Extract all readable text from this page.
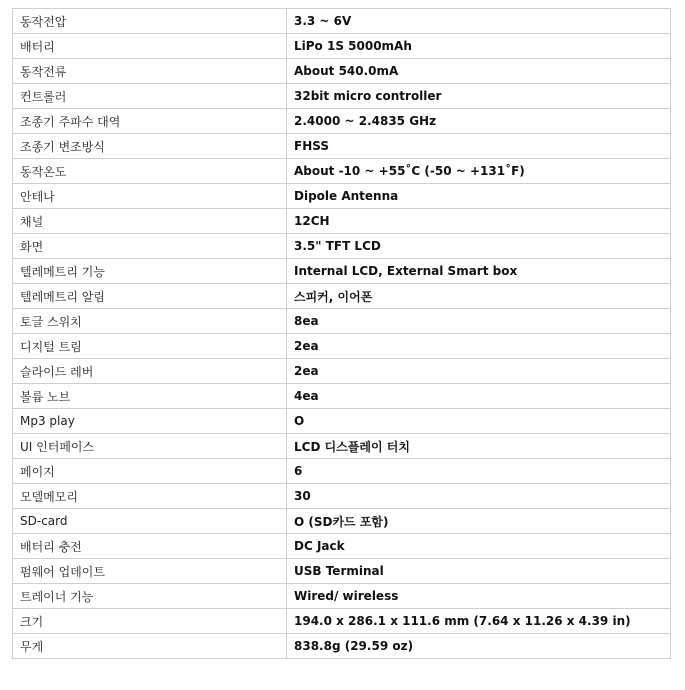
동작전압	3.3 ~ 6V
배터리	LiPo 1S 5000mAh
동작전류	About 540.0mA
컨트롤러	32bit micro controller
조종기 주파수 대역	2.4000 ~ 2.4835 GHz
조종기 변조방식	FHSS
동작온도	About -10 ~ +55˚C (-50 ~ +131˚F)
안테나	Dipole Antenna
채널	12CH
화면	3.5" TFT LCD
텔레메트리 기능	Internal LCD, External Smart box
텔레메트리 알림	스피커, 이어폰
토글 스위치	8ea
디지털 트림	2ea
슬라이드 레버	2ea
볼륨 노브	4ea
Mp3 play	O
UI 인터페이스	LCD 디스플레이 터치
페이지	6
모델메모리	30
SD-card	O (SD카드 포함)
배터리 충전	DC Jack
펌웨어 업데이트	USB Terminal
트레이너 기능	Wired/ wireless
크기	194.0 x 286.1 x 111.6 mm (7.64 x 11.26 x 4.39 in)
무게	838.8g (29.59 oz)
